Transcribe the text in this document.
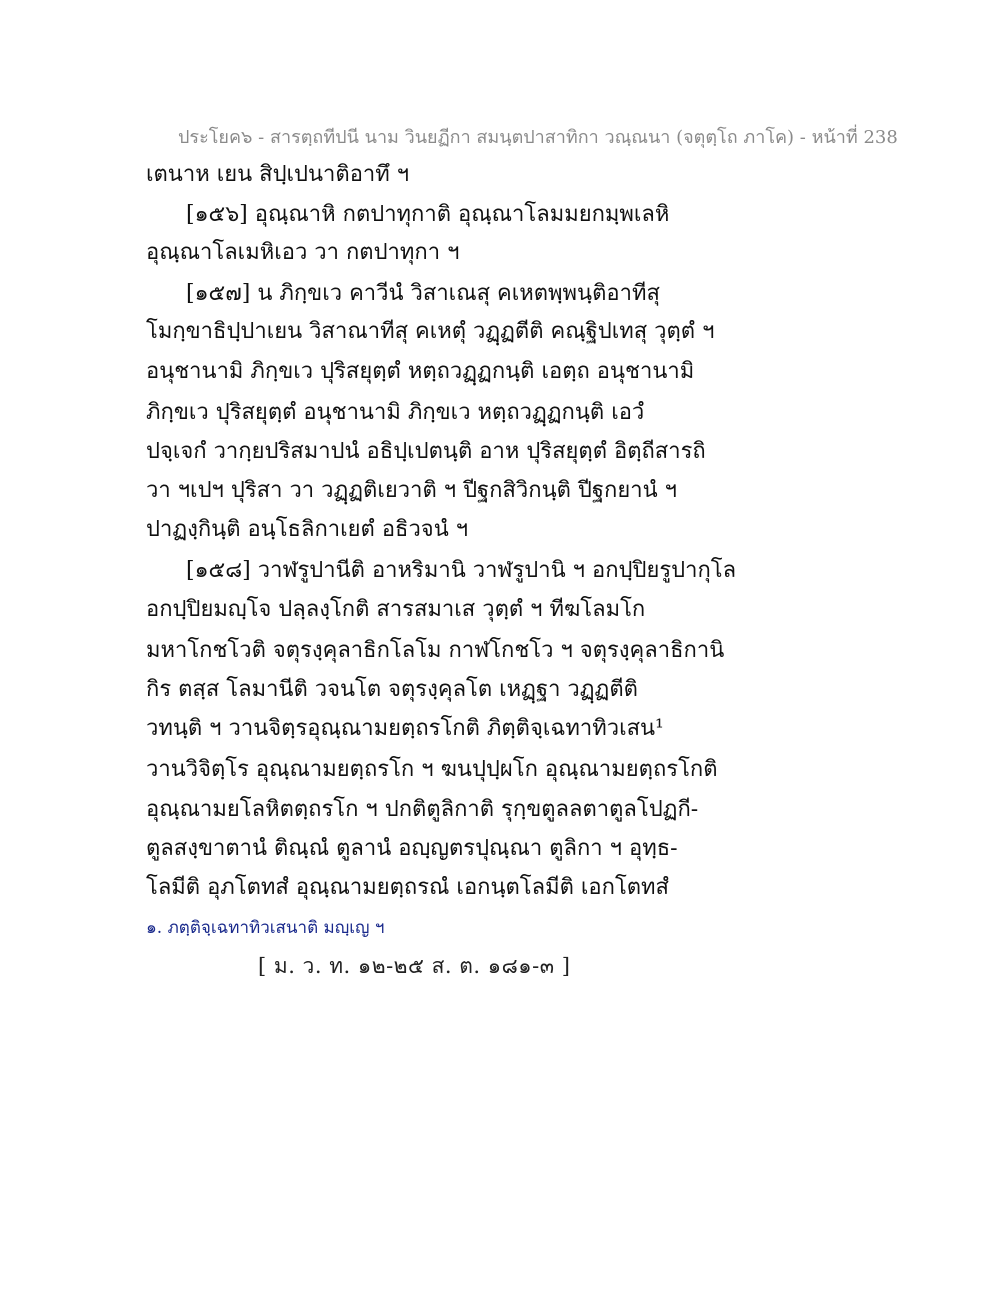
ประโยค๖ - สารตฺถทีปนี นาม วินยฏีกา สมนฺตปาสาทิกา วณฺณนา (จตุตฺโถ ภาโค) - หน้าที่ 238
เตนาห เยน สิปฺเปนาติอาทึ ฯ
[๑๕๖] อุณฺณาหิ กตปาทุกาติ อุณฺณาโลมมยกมฺพเลหิ
อุณฺณาโลเมหิเอว วา กตปาทุกา ฯ
[๑๕๗] น ภิกฺขเว คาวีนํ วิสาเณสุ คเหตพฺพนฺติอาทีสุ
โมกฺขาธิปฺปาเยน วิสาณาทีสุ คเหตุํ วฏฺฏตีติ คณฺฐิปเทสุ วุตฺตํ ฯ
อนุชานามิ ภิกฺขเว ปุริสยุตฺตํ หตฺถวฏฺฏกนฺติ เอตฺถ อนุชานามิ
ภิกฺขเว ปุริสยุตฺตํ อนุชานามิ ภิกฺขเว หตฺถวฏฺฏกนฺติ เอวํ
ปจฺเจกํ วากฺยปริสมาปนํ อธิปฺเปตนฺติ อาห ปุริสยุตฺตํ อิตฺถีสารถิ
วา ฯเปฯ ปุริสา วา วฏฺฏติเยวาติ ฯ ปีฐกสิวิกนฺติ ปีฐกยานํ ฯ
ปาฏงฺกินฺติ อนฺโธลิกาเยตํ อธิวจนํ ฯ
[๑๕๘] วาฬรูปานีติ อาหริมานิ วาฬรูปานิ ฯ อกปฺปิยรูปากุโล
อกปฺปิยมญฺโจ ปลฺลงฺโกติ สารสมาเส วุตฺตํ ฯ ทีฆโลมโก
มหาโกชโวติ จตุรงฺคุลาธิกโลโม กาฬโกชโว ฯ จตุรงฺคุลาธิกานิ
กิร ตสฺส โลมานีติ วจนโต จตุรงฺคุลโต เหฏฺฐา วฏฺฏตีติ
วทนฺติ ฯ วานจิตฺรอุณฺณามยตฺถรโกติ ภิตฺติจฺเฉทาทิวเสน¹
วานวิจิตฺโร อุณฺณามยตฺถรโก ฯ ฆนปุปฺผโก อุณฺณามยตฺถรโกติ
อุณฺณามยโลหิตตฺถรโก ฯ ปกติตูลิกาติ รุกฺขตูลลตาตูลโปฏกี-
ตูลสงฺขาตานํ ติณฺณํ ตูลานํ อญฺญตรปุณฺณา ตูลิกา ฯ อุทฺธ-
โลมีติ อุภโตทสํ อุณฺณามยตฺถรณํ เอกนฺตโลมีติ เอกโตทสํ
๑. ภตฺติจฺเฉทาทิวเสนาติ มญฺเญ ฯ
[ ม. ว. ท. ๑๒-๒๕ ส. ต. ๑๘๑-๓ ]
